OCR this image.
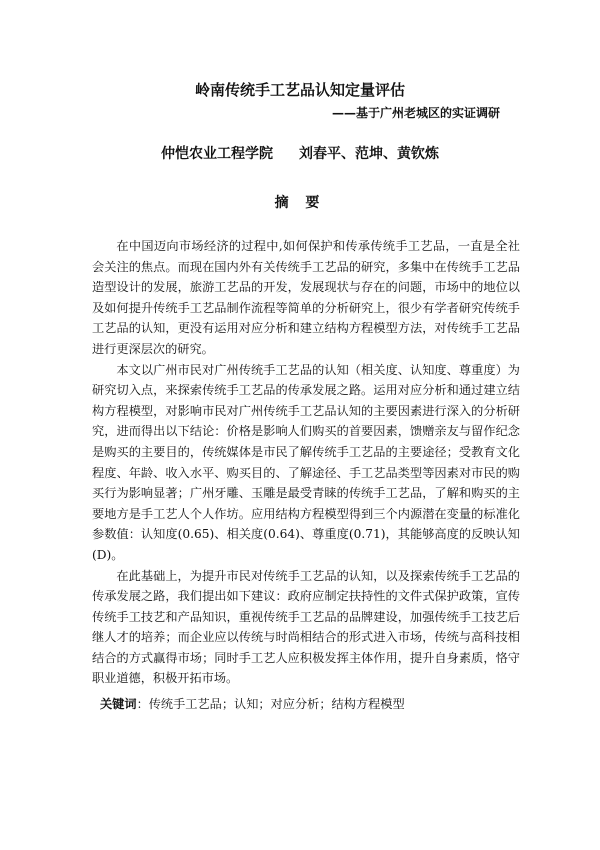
岭南传统手工艺品认知定量评估
——基于广州老城区的实证调研
仲恺农业工程学院 刘春平、范坤、黄钦炼
摘 要

在中国迈向市场经济的过程中,如何保护和传承传统手工艺品，一直是全社会关注的焦点。而现在国内外有关传统手工艺品的研究，多集中在传统手工艺品造型设计的发展，旅游工艺品的开发，发展现状与存在的问题，市场中的地位以及如何提升传统手工艺品制作流程等简单的分析研究上，很少有学者研究传统手工艺品的认知，更没有运用对应分析和建立结构方程模型方法，对传统手工艺品进行更深层次的研究。

本文以广州市民对广州传统手工艺品的认知（相关度、认知度、尊重度）为研究切入点，来探索传统手工艺品的传承发展之路。运用对应分析和通过建立结构方程模型，对影响市民对广州传统手工艺品认知的主要因素进行深入的分析研究，进而得出以下结论：价格是影响人们购买的首要因素，馈赠亲友与留作纪念是购买的主要目的，传统媒体是市民了解传统手工艺品的主要途径；受教育文化程度、年龄、收入水平、购买目的、了解途径、手工艺品类型等因素对市民的购买行为影响显著；广州牙雕、玉雕是最受青睐的传统手工艺品，了解和购买的主要地方是手工艺人个人作坊。应用结构方程模型得到三个内源潜在变量的标准化参数值：认知度(0.65)、相关度(0.64)、尊重度(0.71)，其能够高度的反映认知(D)。

在此基础上，为提升市民对传统手工艺品的认知，以及探索传统手工艺品的传承发展之路，我们提出如下建议：政府应制定扶持性的文件式保护政策，宣传传统手工技艺和产品知识，重视传统手工艺品的品牌建设，加强传统手工技艺后继人才的培养；而企业应以传统与时尚相结合的形式进入市场，传统与高科技相结合的方式赢得市场；同时手工艺人应积极发挥主体作用，提升自身素质，恪守职业道德，积极开拓市场。

关键词：传统手工艺品；认知；对应分析；结构方程模型
